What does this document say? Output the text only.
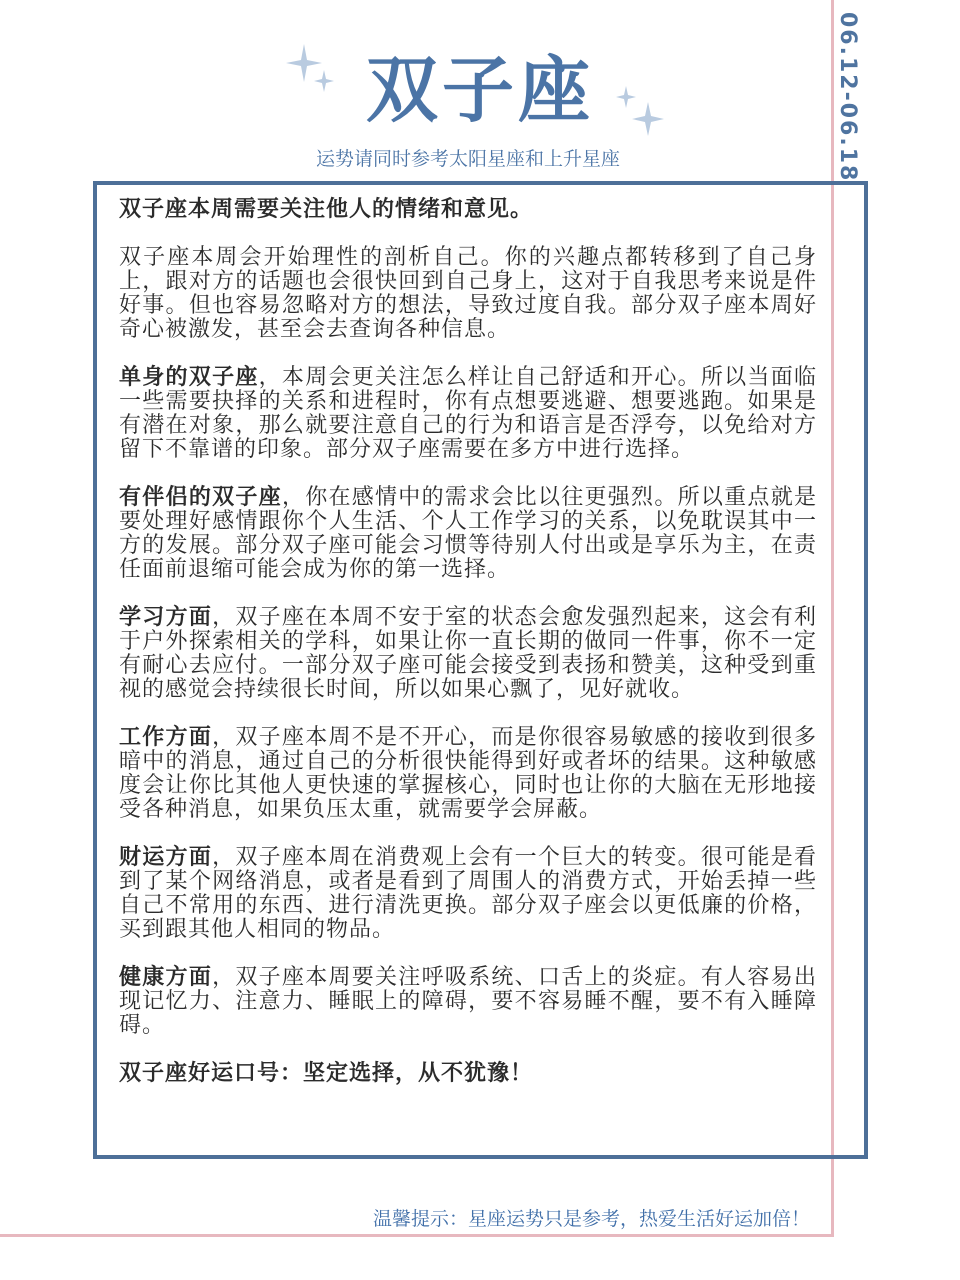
06.12-06.18
双子座
运势请同时参考太阳星座和上升星座

双子座本周需要关注他人的情绪和意见。

双子座本周会开始理性的剖析自己。你的兴趣点都转移到了自己身上，跟对方的话题也会很快回到自己身上，这对于自我思考来说是件好事。但也容易忽略对方的想法，导致过度自我。部分双子座本周好奇心被激发，甚至会去查询各种信息。

单身的双子座，本周会更关注怎么样让自己舒适和开心。所以当面临一些需要抉择的关系和进程时，你有点想要逃避、想要逃跑。如果是有潜在对象，那么就要注意自己的行为和语言是否浮夸，以免给对方留下不靠谱的印象。部分双子座需要在多方中进行选择。

有伴侣的双子座，你在感情中的需求会比以往更强烈。所以重点就是要处理好感情跟你个人生活、个人工作学习的关系，以免耽误其中一方的发展。部分双子座可能会习惯等待别人付出或是享乐为主，在责任面前退缩可能会成为你的第一选择。

学习方面，双子座在本周不安于室的状态会愈发强烈起来，这会有利于户外探索相关的学科，如果让你一直长期的做同一件事，你不一定有耐心去应付。一部分双子座可能会接受到表扬和赞美，这种受到重视的感觉会持续很长时间，所以如果心飘了，见好就收。

工作方面，双子座本周不是不开心，而是你很容易敏感的接收到很多暗中的消息，通过自己的分析很快能得到好或者坏的结果。这种敏感度会让你比其他人更快速的掌握核心，同时也让你的大脑在无形地接受各种消息，如果负压太重，就需要学会屏蔽。

财运方面，双子座本周在消费观上会有一个巨大的转变。很可能是看到了某个网络消息，或者是看到了周围人的消费方式，开始丢掉一些自己不常用的东西、进行清洗更换。部分双子座会以更低廉的价格，买到跟其他人相同的物品。

健康方面，双子座本周要关注呼吸系统、口舌上的炎症。有人容易出现记忆力、注意力、睡眠上的障碍，要不容易睡不醒，要不有入睡障碍。

双子座好运口号：坚定选择，从不犹豫！

温馨提示：星座运势只是参考，热爱生活好运加倍！
